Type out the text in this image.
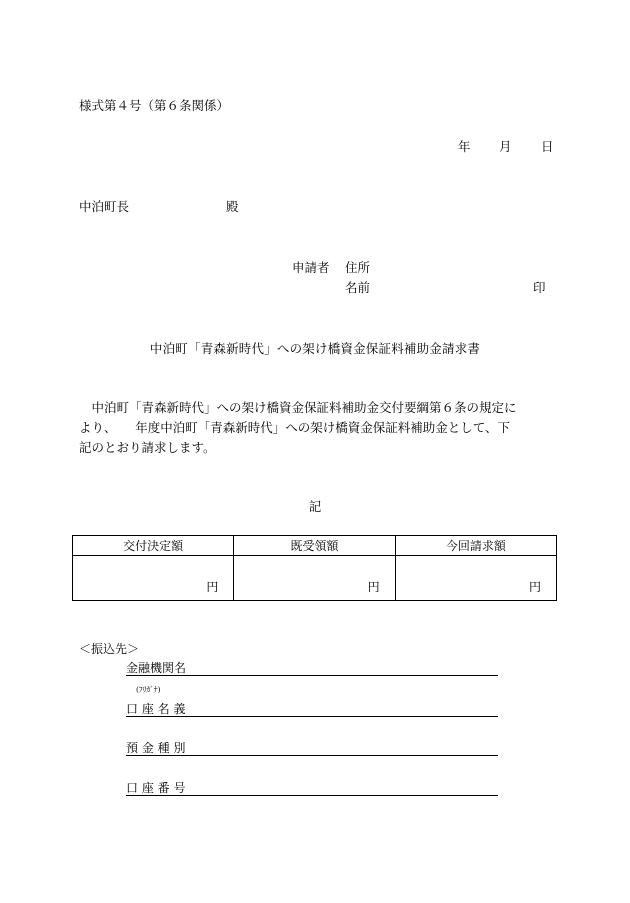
様式第４号（第６条関係）
年 月 日
中泊町長	殿
申請者 住所
名前	印
中泊町「青森新時代」への架け橋資金保証料補助金請求書

　中泊町「青森新時代」への架け橋資金保証料補助金交付要綱第６条の規定に

より、　　年度中泊町「青森新時代」への架け橋資金保証料補助金として、下

記のとおり請求します。

記
交付決定額	既受領額	今回請求額
円	円	円
＜振込先＞
金融機関名
(ﾌﾘｶﾞﾅ)
口 座 名 義
預 金 種 別
口 座 番 号
